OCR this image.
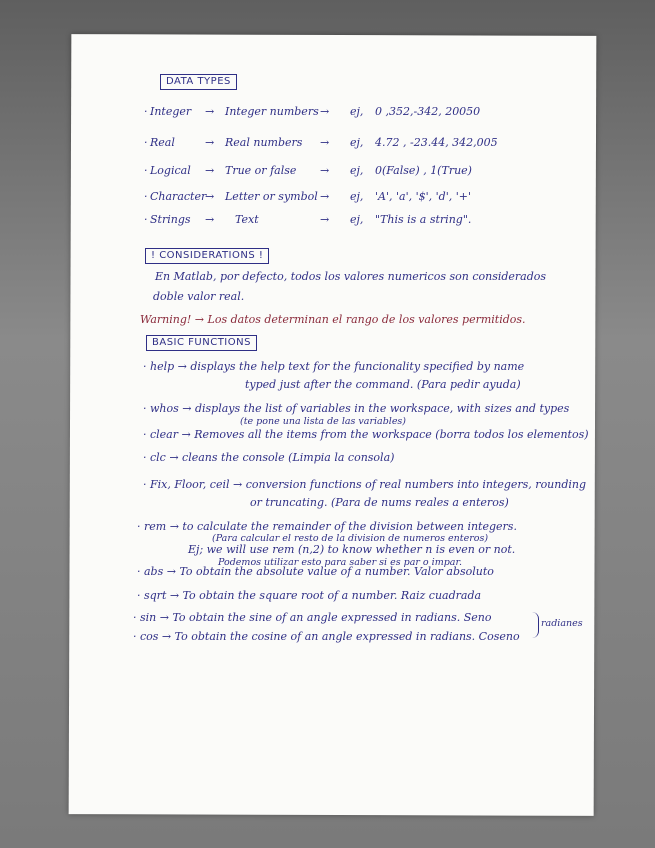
DATA TYPES
· Integer → Integer numbers → ej, 0 ,352,-342, 20050
· Real	→ Real numbers → ej, 4.72 , -23.44, 342,005
· Logical → True or false → ej, 0(False) , 1(True)
· Character
→ Letter or symbol → ej, 'A', 'a', '$', 'd', '+'
· Strings → Text	→ ej, "This is a string".
! CONSIDERATIONS !
En Matlab, por defecto, todos los valores numericos son considerados
doble valor real.
Warning! → Los datos determinan el rango de los valores permitidos.
BASIC FUNCTIONS
· help → displays the help text for the funcionality specified by name
typed just after the command. (Para pedir ayuda)
· whos → displays the list of variables in the workspace, with sizes and types
(te pone una lista de las variables)
· clear → Removes all the items from the workspace (borra todos los elementos)
· clc → cleans the console (Limpia la consola)
· Fix, Floor, ceil → conversion functions of real numbers into integers, rounding
or truncating. (Para de nums reales a enteros)
· rem → to calculate the remainder of the division between integers.
(Para calcular el resto de la division de numeros enteros)
Ej; we will use rem (n,2) to know whether n is even or not.
Podemos utilizar esto para saber si es par o impar.
· abs → To obtain the absolute value of a number. Valor absoluto
· sqrt → To obtain the square root of a number. Raiz cuadrada
· sin → To obtain the sine of an angle expressed in radians. Seno
· cos → To obtain the cosine of an angle expressed in radians. Coseno
radianes
